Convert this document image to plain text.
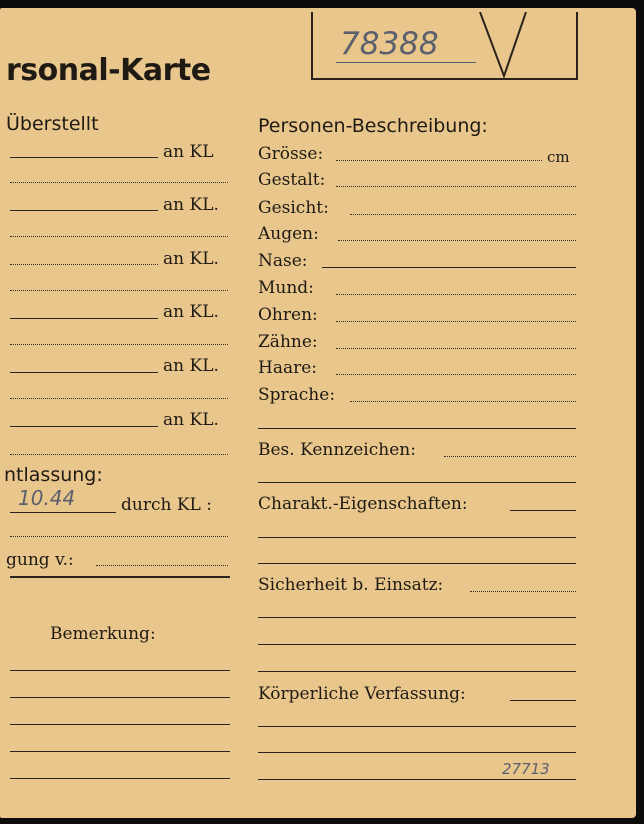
78388
rsonal-Karte
Überstellt
an KL
an KL.
an KL.
an KL.
an KL.
an KL.
ntlassung:
10.44	durch KL :
gung v.:
Bemerkung:
Personen-Beschreibung:
Grösse:	cm
Gestalt:
Gesicht:
Augen:
Nase:
Mund:
Ohren:
Zähne:
Haare:
Sprache:
Bes. Kennzeichen:
Charakt.-Eigenschaften:
Sicherheit b. Einsatz:
Körperliche Verfassung:
27713
